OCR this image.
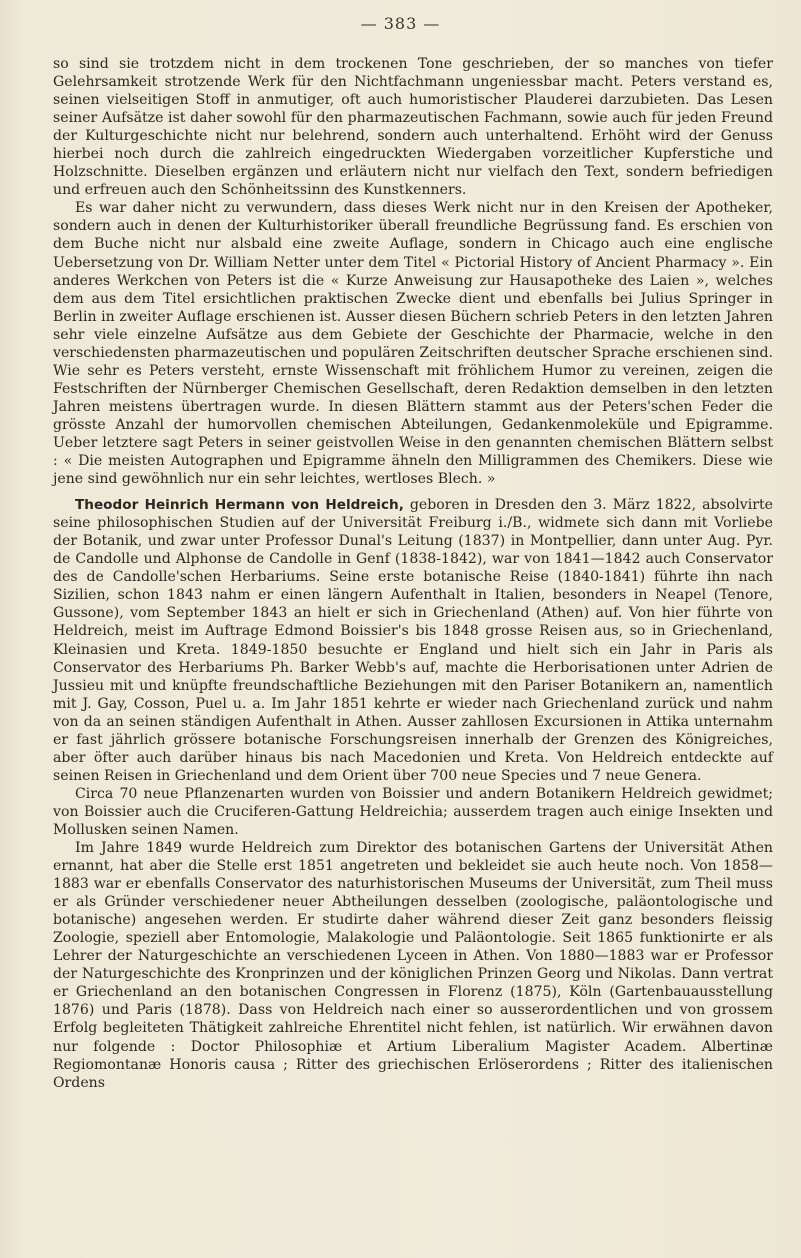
— 383 —

so sind sie trotzdem nicht in dem trockenen Tone geschrieben, der so manches von tiefer Gelehrsamkeit strotzende Werk für den Nichtfachmann ungeniessbar macht. Peters verstand es, seinen vielseitigen Stoff in anmutiger, oft auch humoristischer Plauderei darzubieten. Das Lesen seiner Aufsätze ist daher sowohl für den pharmazeutischen Fachmann, sowie auch für jeden Freund der Kulturgeschichte nicht nur belehrend, sondern auch unterhaltend. Erhöht wird der Genuss hierbei noch durch die zahlreich eingedruckten Wiedergaben vorzeitlicher Kupferstiche und Holzschnitte. Dieselben ergänzen und erläutern nicht nur vielfach den Text, sondern befriedigen und erfreuen auch den Schönheitssinn des Kunstkenners.

Es war daher nicht zu verwundern, dass dieses Werk nicht nur in den Kreisen der Apotheker, sondern auch in denen der Kulturhistoriker überall freundliche Begrüssung fand. Es erschien von dem Buche nicht nur alsbald eine zweite Auflage, sondern in Chicago auch eine englische Uebersetzung von Dr. William Netter unter dem Titel « Pictorial History of Ancient Pharmacy ». Ein anderes Werkchen von Peters ist die « Kurze Anweisung zur Hausapotheke des Laien », welches dem aus dem Titel ersichtlichen praktischen Zwecke dient und ebenfalls bei Julius Springer in Berlin in zweiter Auflage erschienen ist. Ausser diesen Büchern schrieb Peters in den letzten Jahren sehr viele einzelne Aufsätze aus dem Gebiete der Geschichte der Pharmacie, welche in den verschiedensten pharmazeutischen und populären Zeitschriften deutscher Sprache erschienen sind. Wie sehr es Peters versteht, ernste Wissenschaft mit fröhlichem Humor zu vereinen, zeigen die Festschriften der Nürnberger Chemischen Gesellschaft, deren Redaktion demselben in den letzten Jahren meistens übertragen wurde. In diesen Blättern stammt aus der Peters'schen Feder die grösste Anzahl der humorvollen chemischen Abteilungen, Gedankenmoleküle und Epigramme. Ueber letztere sagt Peters in seiner geistvollen Weise in den genannten chemischen Blättern selbst : « Die meisten Autographen und Epigramme ähneln den Milligrammen des Chemikers. Diese wie jene sind gewöhnlich nur ein sehr leichtes, wertloses Blech. »

Theodor Heinrich Hermann von Heldreich, geboren in Dresden den 3. März 1822, absolvirte seine philosophischen Studien auf der Universität Freiburg i./B., widmete sich dann mit Vorliebe der Botanik, und zwar unter Professor Dunal's Leitung (1837) in Montpellier, dann unter Aug. Pyr. de Candolle und Alphonse de Candolle in Genf (1838-1842), war von 1841—1842 auch Conservator des de Candolle'schen Herbariums. Seine erste botanische Reise (1840-1841) führte ihn nach Sizilien, schon 1843 nahm er einen längern Aufenthalt in Italien, besonders in Neapel (Tenore, Gussone), vom September 1843 an hielt er sich in Griechenland (Athen) auf. Von hier führte von Heldreich, meist im Auftrage Edmond Boissier's bis 1848 grosse Reisen aus, so in Griechenland, Kleinasien und Kreta. 1849-1850 besuchte er England und hielt sich ein Jahr in Paris als Conservator des Herbariums Ph. Barker Webb's auf, machte die Herborisationen unter Adrien de Jussieu mit und knüpfte freundschaftliche Beziehungen mit den Pariser Botanikern an, namentlich mit J. Gay, Cosson, Puel u. a. Im Jahr 1851 kehrte er wieder nach Griechenland zurück und nahm von da an seinen ständigen Aufenthalt in Athen. Ausser zahllosen Excursionen in Attika unternahm er fast jährlich grössere botanische Forschungsreisen innerhalb der Grenzen des Königreiches, aber öfter auch darüber hinaus bis nach Macedonien und Kreta. Von Heldreich entdeckte auf seinen Reisen in Griechenland und dem Orient über 700 neue Species und 7 neue Genera.

Circa 70 neue Pflanzenarten wurden von Boissier und andern Botanikern Heldreich gewidmet; von Boissier auch die Cruciferen-Gattung Heldreichia; ausserdem tragen auch einige Insekten und Mollusken seinen Namen.

Im Jahre 1849 wurde Heldreich zum Direktor des botanischen Gartens der Universität Athen ernannt, hat aber die Stelle erst 1851 angetreten und bekleidet sie auch heute noch. Von 1858—1883 war er ebenfalls Conservator des naturhistorischen Museums der Universität, zum Theil muss er als Gründer verschiedener neuer Abtheilungen desselben (zoologische, paläontologische und botanische) angesehen werden. Er studirte daher während dieser Zeit ganz besonders fleissig Zoologie, speziell aber Entomologie, Malakologie und Paläontologie. Seit 1865 funktionirte er als Lehrer der Naturgeschichte an verschiedenen Lyceen in Athen. Von 1880—1883 war er Professor der Naturgeschichte des Kronprinzen und der königlichen Prinzen Georg und Nikolas. Dann vertrat er Griechenland an den botanischen Congressen in Florenz (1875), Köln (Gartenbauausstellung 1876) und Paris (1878). Dass von Heldreich nach einer so ausserordentlichen und von grossem Erfolg begleiteten Thätigkeit zahlreiche Ehrentitel nicht fehlen, ist natürlich. Wir erwähnen davon nur folgende : Doctor Philosophiæ et Artium Liberalium Magister Academ. Albertinæ Regiomontanæ Honoris causa ; Ritter des griechischen Erlöserordens ; Ritter des italienischen Ordens
